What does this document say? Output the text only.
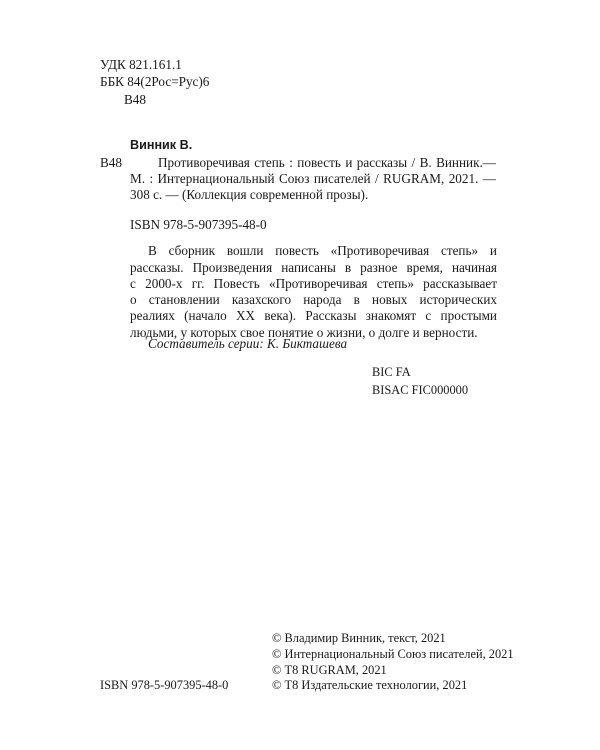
УДК 821.161.1
ББК 84(2Рос=Рус)6
В48
Винник В.
В48	Противоречивая степь : повесть и рассказы / В. Винник.—
М. : Интернациональный Союз писателей / RUGRAM, 2021. —
308 с. — (Коллекция современной прозы).
ISBN 978-5-907395-48-0
В сборник вошли повесть «Противоречивая степь» и
рассказы. Произведения написаны в разное время, начиная
с 2000-х гг. Повесть «Противоречивая степь» рассказывает
о становлении казахского народа в новых исторических
реалиях (начало ХХ века). Рассказы знакомят с простыми
людьми, у которых свое понятие о жизни, о долге и верности.
Составитель серии: К. Бикташева
BIC FA
BISAC FIC000000
© Владимир Винник, текст, 2021
© Интернациональный Союз писателей, 2021
© Т8 RUGRAM, 2021
ISBN 978-5-907395-48-0	© Т8 Издательские технологии, 2021
